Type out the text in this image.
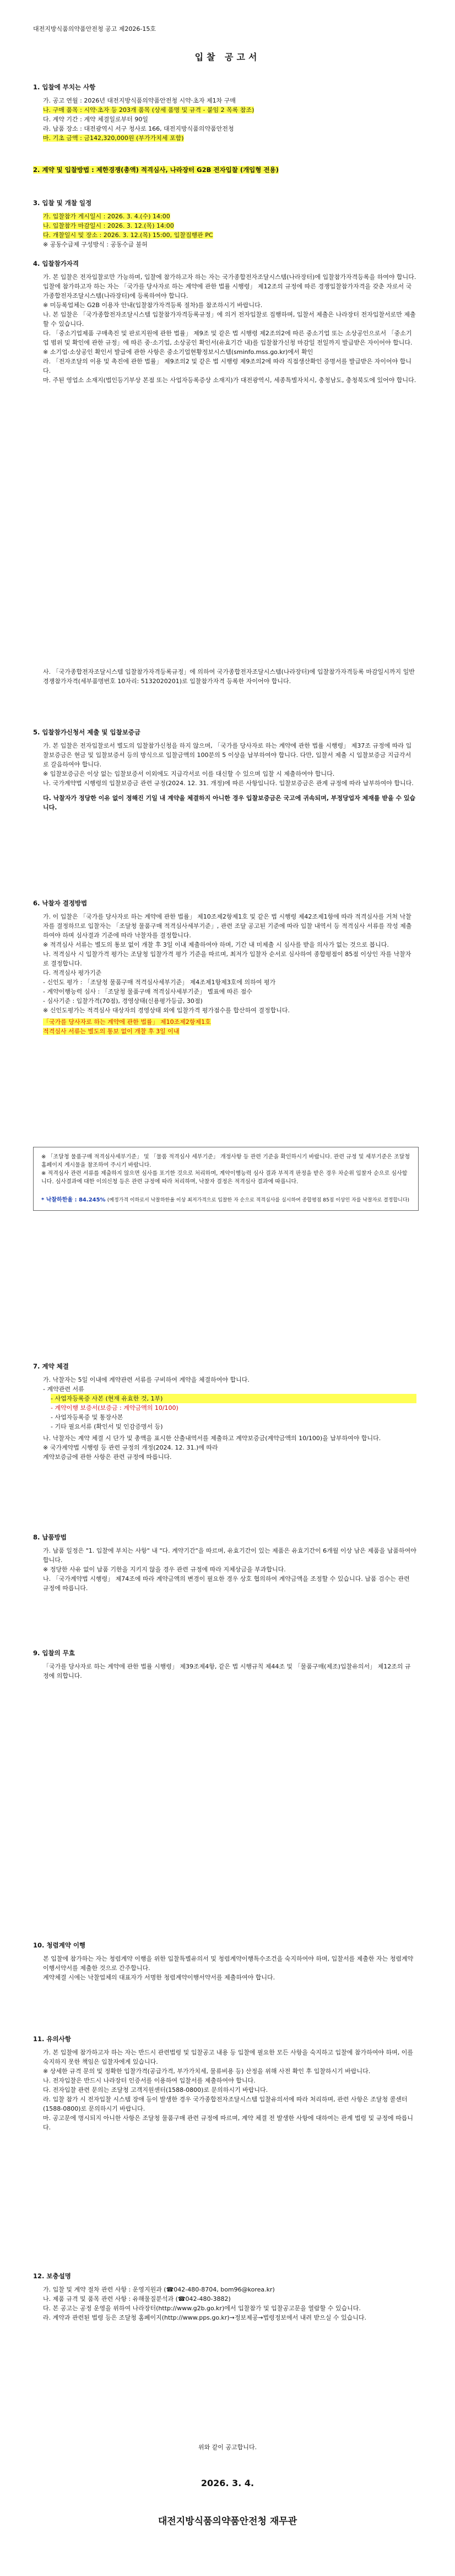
대전지방식품의약품안전청 공고 제2026-15호
입찰 공고서
1. 입찰에 부치는 사항
가. 공고 연월 : 2026년 대전지방식품의약품안전청 시약·초자 제1차 구매
나. 구매 품목 : 시약·초자 등 203개 품목 (상세 품명 및 규격 - 붙임 2 목록 참조)
다. 계약 기간 : 계약 체결일로부터 90일
라. 납품 장소 : 대전광역시 서구 청사로 166, 대전지방식품의약품안전청
마. 기초 금액 : 금142,320,000원 (부가가치세 포함)
2. 계약 및 입찰방법 : 제한경쟁(총액) 적격심사, 나라장터 G2B 전자입찰 (개입형 전용)
3. 입찰 및 개찰 일정
가. 입찰참가 게시일시 : 2026. 3. 4.(수) 14:00
나. 입찰참가 마감일시 : 2026. 3. 12.(목) 14:00
다. 개찰일시 및 장소 : 2026. 3. 12.(목) 15:00, 입찰집행관 PC
※ 공동수급제 구성방식 : 공동수급 불허
4. 입찰참가자격
가. 본 입찰은 전자입찰로만 가능하며, 입찰에 참가하고자 하는 자는 국가종합전자조달시스템(나라장터)에 입찰참가자격등록을 하여야 합니다. 입찰에 참가하고자 하는 자는 「국가를 당사자로 하는 계약에 관한 법률 시행령」 제12조의 규정에 따른 경쟁입찰참가자격을 갖춘 자로서 국가종합전자조달시스템(나라장터)에 등록하여야 합니다.
※ 미등록업체는 G2B 이용자 안내(입찰참가자격등록 절차)를 참조하시기 바랍니다.
나. 본 입찰은 「국가종합전자조달시스템 입찰참가자격등록규정」에 의거 전자입찰로 집행하며, 입찰서 제출은 나라장터 전자입찰서로만 제출할 수 있습니다.
다. 「중소기업제품 구매촉진 및 판로지원에 관한 법률」 제9조 및 같은 법 시행령 제2조의2에 따른 중소기업 또는 소상공인으로서 「중소기업 범위 및 확인에 관한 규정」에 따른 중·소기업, 소상공인 확인서(유효기간 내)를 입찰참가신청 마감일 전일까지 발급받은 자이어야 합니다.
※ 소기업·소상공인 확인서 발급에 관한 사항은 중소기업현황정보시스템(sminfo.mss.go.kr)에서 확인
라. 「전자조달의 이용 및 촉진에 관한 법률」 제9조의2 및 같은 법 시행령 제9조의2에 따라 직접생산확인 증명서를 발급받은 자이어야 합니다.
마. 주된 영업소 소재지(법인등기부상 본점 또는 사업자등록증상 소재지)가 대전광역시, 세종특별자치시, 충청남도, 충청북도에 있어야 합니다.
사. 「국가종합전자조달시스템 입찰참가자격등록규정」에 의하여 국가종합전자조달시스템(나라장터)에 입찰참가자격등록 마감일시까지 일반경쟁참가자격(세부품명번호 10자리: 5132020201)로 입찰참가자격 등록한 자이어야 합니다.
5. 입찰참가신청서 제출 및 입찰보증금
가. 본 입찰은 전자입찰로서 별도의 입찰참가신청을 하지 않으며, 「국가를 당사자로 하는 계약에 관한 법률 시행령」 제37조 규정에 따라 입찰보증금은 현금 및 입찰보증서 등의 방식으로 입찰금액의 100분의 5 이상을 납부하여야 합니다. 다만, 입찰서 제출 시 입찰보증금 지급각서로 갈음하여야 합니다.
※ 입찰보증금은 이상 없는 입찰보증서 이외에도 지급각서로 이를 대신할 수 있으며 입찰 시 제출하여야 합니다.
나. 국가계약법 시행령의 입찰보증금 관련 규정(2024. 12. 31. 개정)에 따른 사항입니다. 입찰보증금은 관계 규정에 따라 납부하여야 합니다.
다. 낙찰자가 정당한 이유 없이 정해진 기일 내 계약을 체결하지 아니한 경우 입찰보증금은 국고에 귀속되며, 부정당업자 제재를 받을 수 있습니다.
6. 낙찰자 결정방법
가. 이 입찰은 「국가를 당사자로 하는 계약에 관한 법률」 제10조제2항제1호 및 같은 법 시행령 제42조제1항에 따라 적격심사를 거쳐 낙찰자를 결정하므로 입찰자는 「조달청 물품구매 적격심사세부기준」, 관련 조달 공고된 기준에 따라 입찰 내역서 등 적격심사 서류를 작성 제출하여야 하며 심사결과 기준에 따라 낙찰자를 결정합니다.
※ 적격심사 서류는 별도의 통보 없이 개찰 후 3일 이내 제출하여야 하며, 기간 내 미제출 시 심사를 받을 의사가 없는 것으로 봅니다.
나. 적격심사 시 입찰가격 평가는 조달청 입찰가격 평가 기준을 따르며, 최저가 입찰자 순서로 심사하여 종합평점이 85점 이상인 자를 낙찰자로 결정합니다.
다. 적격심사 평가기준
- 신인도 평가 : 「조달청 물품구매 적격심사세부기준」 제4조제1항제3호에 의하여 평가
- 계약이행능력 심사 : 「조달청 물품구매 적격심사세부기준」 별표에 따른 점수
- 심사기준 : 입찰가격(70점), 경영상태(신용평가등급, 30점)
※ 신인도평가는 적격심사 대상자의 경영상태 외에 입찰가격 평가점수를 합산하여 결정합니다.
「국가를 당사자로 하는 계약에 관한 법률」 제10조제2항제1호
적격심사 서류는 별도의 통보 없이 개찰 후 3일 이내
※ 「조달청 물품구매 적격심사세부기준」 및 「물품 적격심사 세부기준」 개정사항 등 관련 기준을 확인하시기 바랍니다. 관련 규정 및 세부기준은 조달청 홈페이지 게시물을 참조하여 주시기 바랍니다.
※ 적격심사 관련 서류를 제출하지 않으면 심사를 포기한 것으로 처리하며, 계약이행능력 심사 결과 부적격 판정을 받은 경우 차순위 입찰자 순으로 심사합니다. 심사결과에 대한 이의신청 등은 관련 규정에 따라 처리하며, 낙찰자 결정은 적격심사 결과에 따릅니다.
* 낙찰하한율 : 84.245% (예정가격 이하로서 낙찰하한율 이상 최저가격으로 입찰한 자 순으로 적격심사를 실시하여 종합평점 85점 이상인 자를 낙찰자로 결정합니다)
7. 계약 체결
가. 낙찰자는 5일 이내에 계약관련 서류를 구비하여 계약을 체결하여야 합니다.
- 계약관련 서류
- 사업자등록증 사본 (현재 유효한 것, 1부)
- 계약이행 보증서(보증금 : 계약금액의 10/100)
- 사업자등록증 및 통장사본
- 기타 필요서류 (확인서 및 인감증명서 등)
나. 낙찰자는 계약 체결 시 단가 및 총액을 표시한 산출내역서를 제출하고 계약보증금(계약금액의 10/100)을 납부하여야 합니다.
※ 국가계약법 시행령 등 관련 규정의 개정(2024. 12. 31.)에 따라
계약보증금에 관한 사항은 관련 규정에 따릅니다.
8. 납품방법
가. 납품 일정은 "1. 입찰에 부치는 사항" 내 "다. 계약기간"을 따르며, 유효기간이 있는 제품은 유효기간이 6개월 이상 남은 제품을 납품하여야 합니다.
※ 정당한 사유 없이 납품 기한을 지키지 않을 경우 관련 규정에 따라 지체상금을 부과합니다.
나. 「국가계약법 시행령」 제74조에 따라 계약금액의 변경이 필요한 경우 상호 협의하여 계약금액을 조정할 수 있습니다. 납품 검수는 관련 규정에 따릅니다.
9. 입찰의 무효
「국가를 당사자로 하는 계약에 관한 법률 시행령」 제39조제4항, 같은 법 시행규칙 제44조 및 「물품구매(제조)입찰유의서」 제12조의 규정에 의합니다.
10. 청렴계약 이행
본 입찰에 참가하는 자는 청렴계약 이행을 위한 입찰특별유의서 및 청렴계약이행특수조건을 숙지하여야 하며, 입찰서를 제출한 자는 청렴계약 이행서약서를 제출한 것으로 간주합니다.
계약체결 시에는 낙찰업체의 대표자가 서명한 청렴계약이행서약서를 제출하여야 합니다.
11. 유의사항
가. 본 입찰에 참가하고자 하는 자는 반드시 관련법령 및 입찰공고 내용 등 입찰에 필요한 모든 사항을 숙지하고 입찰에 참가하여야 하며, 이를 숙지하지 못한 책임은 입찰자에게 있습니다.
※ 상세한 규격 문의 및 정확한 입찰가격(공급가격, 부가가치세, 물류비용 등) 산정을 위해 사전 확인 후 입찰하시기 바랍니다.
나. 전자입찰은 반드시 나라장터 인증서를 이용하여 입찰서를 제출하여야 합니다.
다. 전자입찰 관련 문의는 조달청 고객지원센터(1588-0800)로 문의하시기 바랍니다.
라. 입찰 참가 시 전자입찰 시스템 장애 등이 발생한 경우 국가종합전자조달시스템 입찰유의서에 따라 처리하며, 관련 사항은 조달청 콜센터(1588-0800)로 문의하시기 바랍니다.
마. 공고문에 명시되지 아니한 사항은 조달청 물품구매 관련 규정에 따르며, 계약 체결 전 발생한 사항에 대하여는 관계 법령 및 규정에 따릅니다.
12. 보충설명
가. 입찰 및 계약 절차 관련 사항 : 운영지원과 (☎042-480-8704, bom96@korea.kr)
나. 제품 규격 및 품목 관련 사항 : 유해물질분석과 (☎042-480-3882)
다. 본 공고는 공정 운영을 위하여 나라장터(http://www.g2b.go.kr)에서 입찰참가 및 입찰공고문을 열람할 수 있습니다.
라. 계약과 관련된 법령 등은 조달청 홈페이지(http://www.pps.go.kr)→정보제공→법령정보에서 내려 받으실 수 있습니다.
위와 같이 공고합니다.
2026. 3. 4.
대전지방식품의약품안전청 재무관
